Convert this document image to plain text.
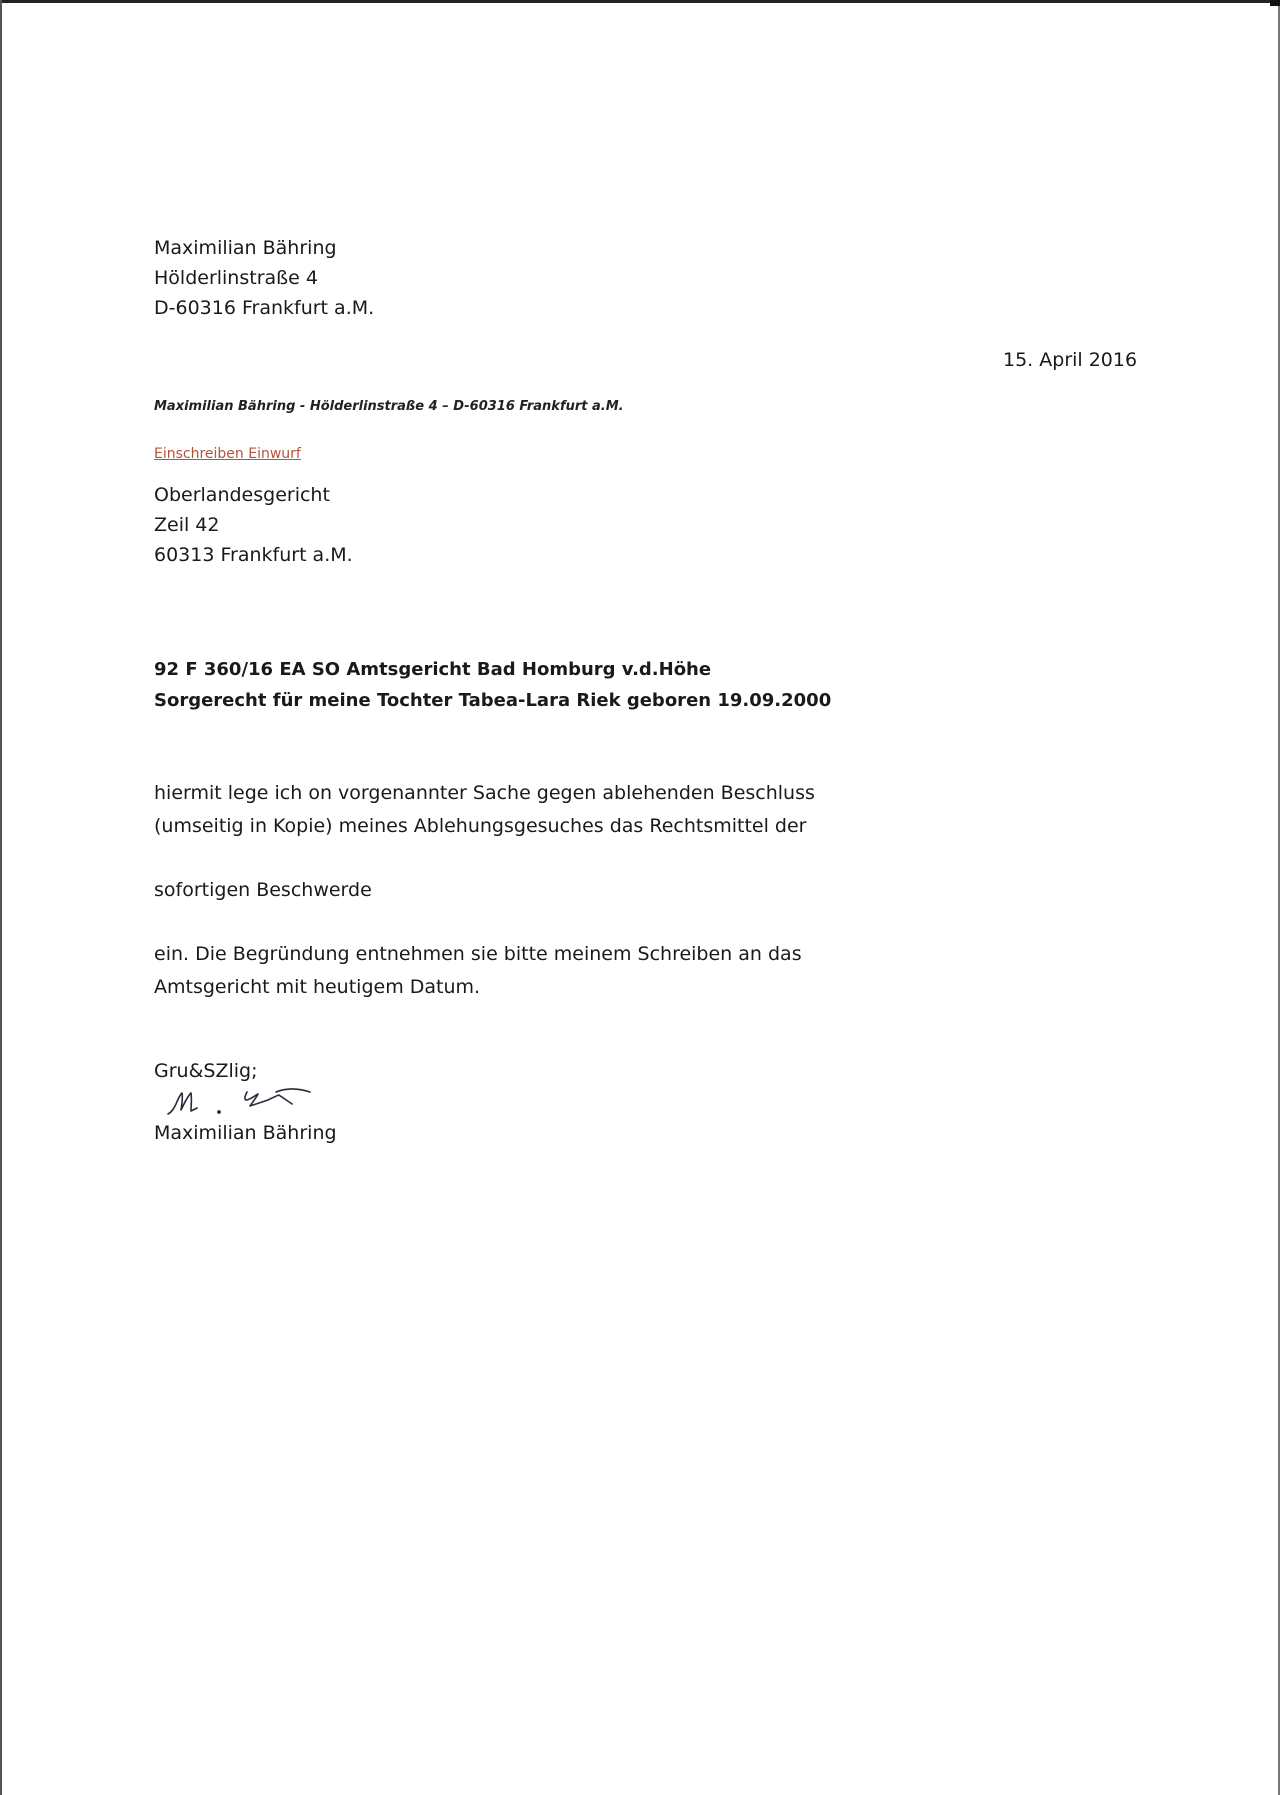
Maximilian Bähring
Hölderlinstraße 4
D-60316 Frankfurt a.M.
15. April 2016
Maximilian Bähring - Hölderlinstraße 4 – D-60316 Frankfurt a.M.
Einschreiben Einwurf
Oberlandesgericht
Zeil 42
60313 Frankfurt a.M.
92 F 360/16 EA SO Amtsgericht Bad Homburg v.d.Höhe
Sorgerecht für meine Tochter Tabea-Lara Riek geboren 19.09.2000
hiermit lege ich on vorgenannter Sache gegen ablehenden Beschluss
(umseitig in Kopie) meines Ablehungsgesuches das Rechtsmittel der
sofortigen Beschwerde
ein. Die Begründung entnehmen sie bitte meinem Schreiben an das
Amtsgericht mit heutigem Datum.
Gru&SZlig;
Maximilian Bähring
